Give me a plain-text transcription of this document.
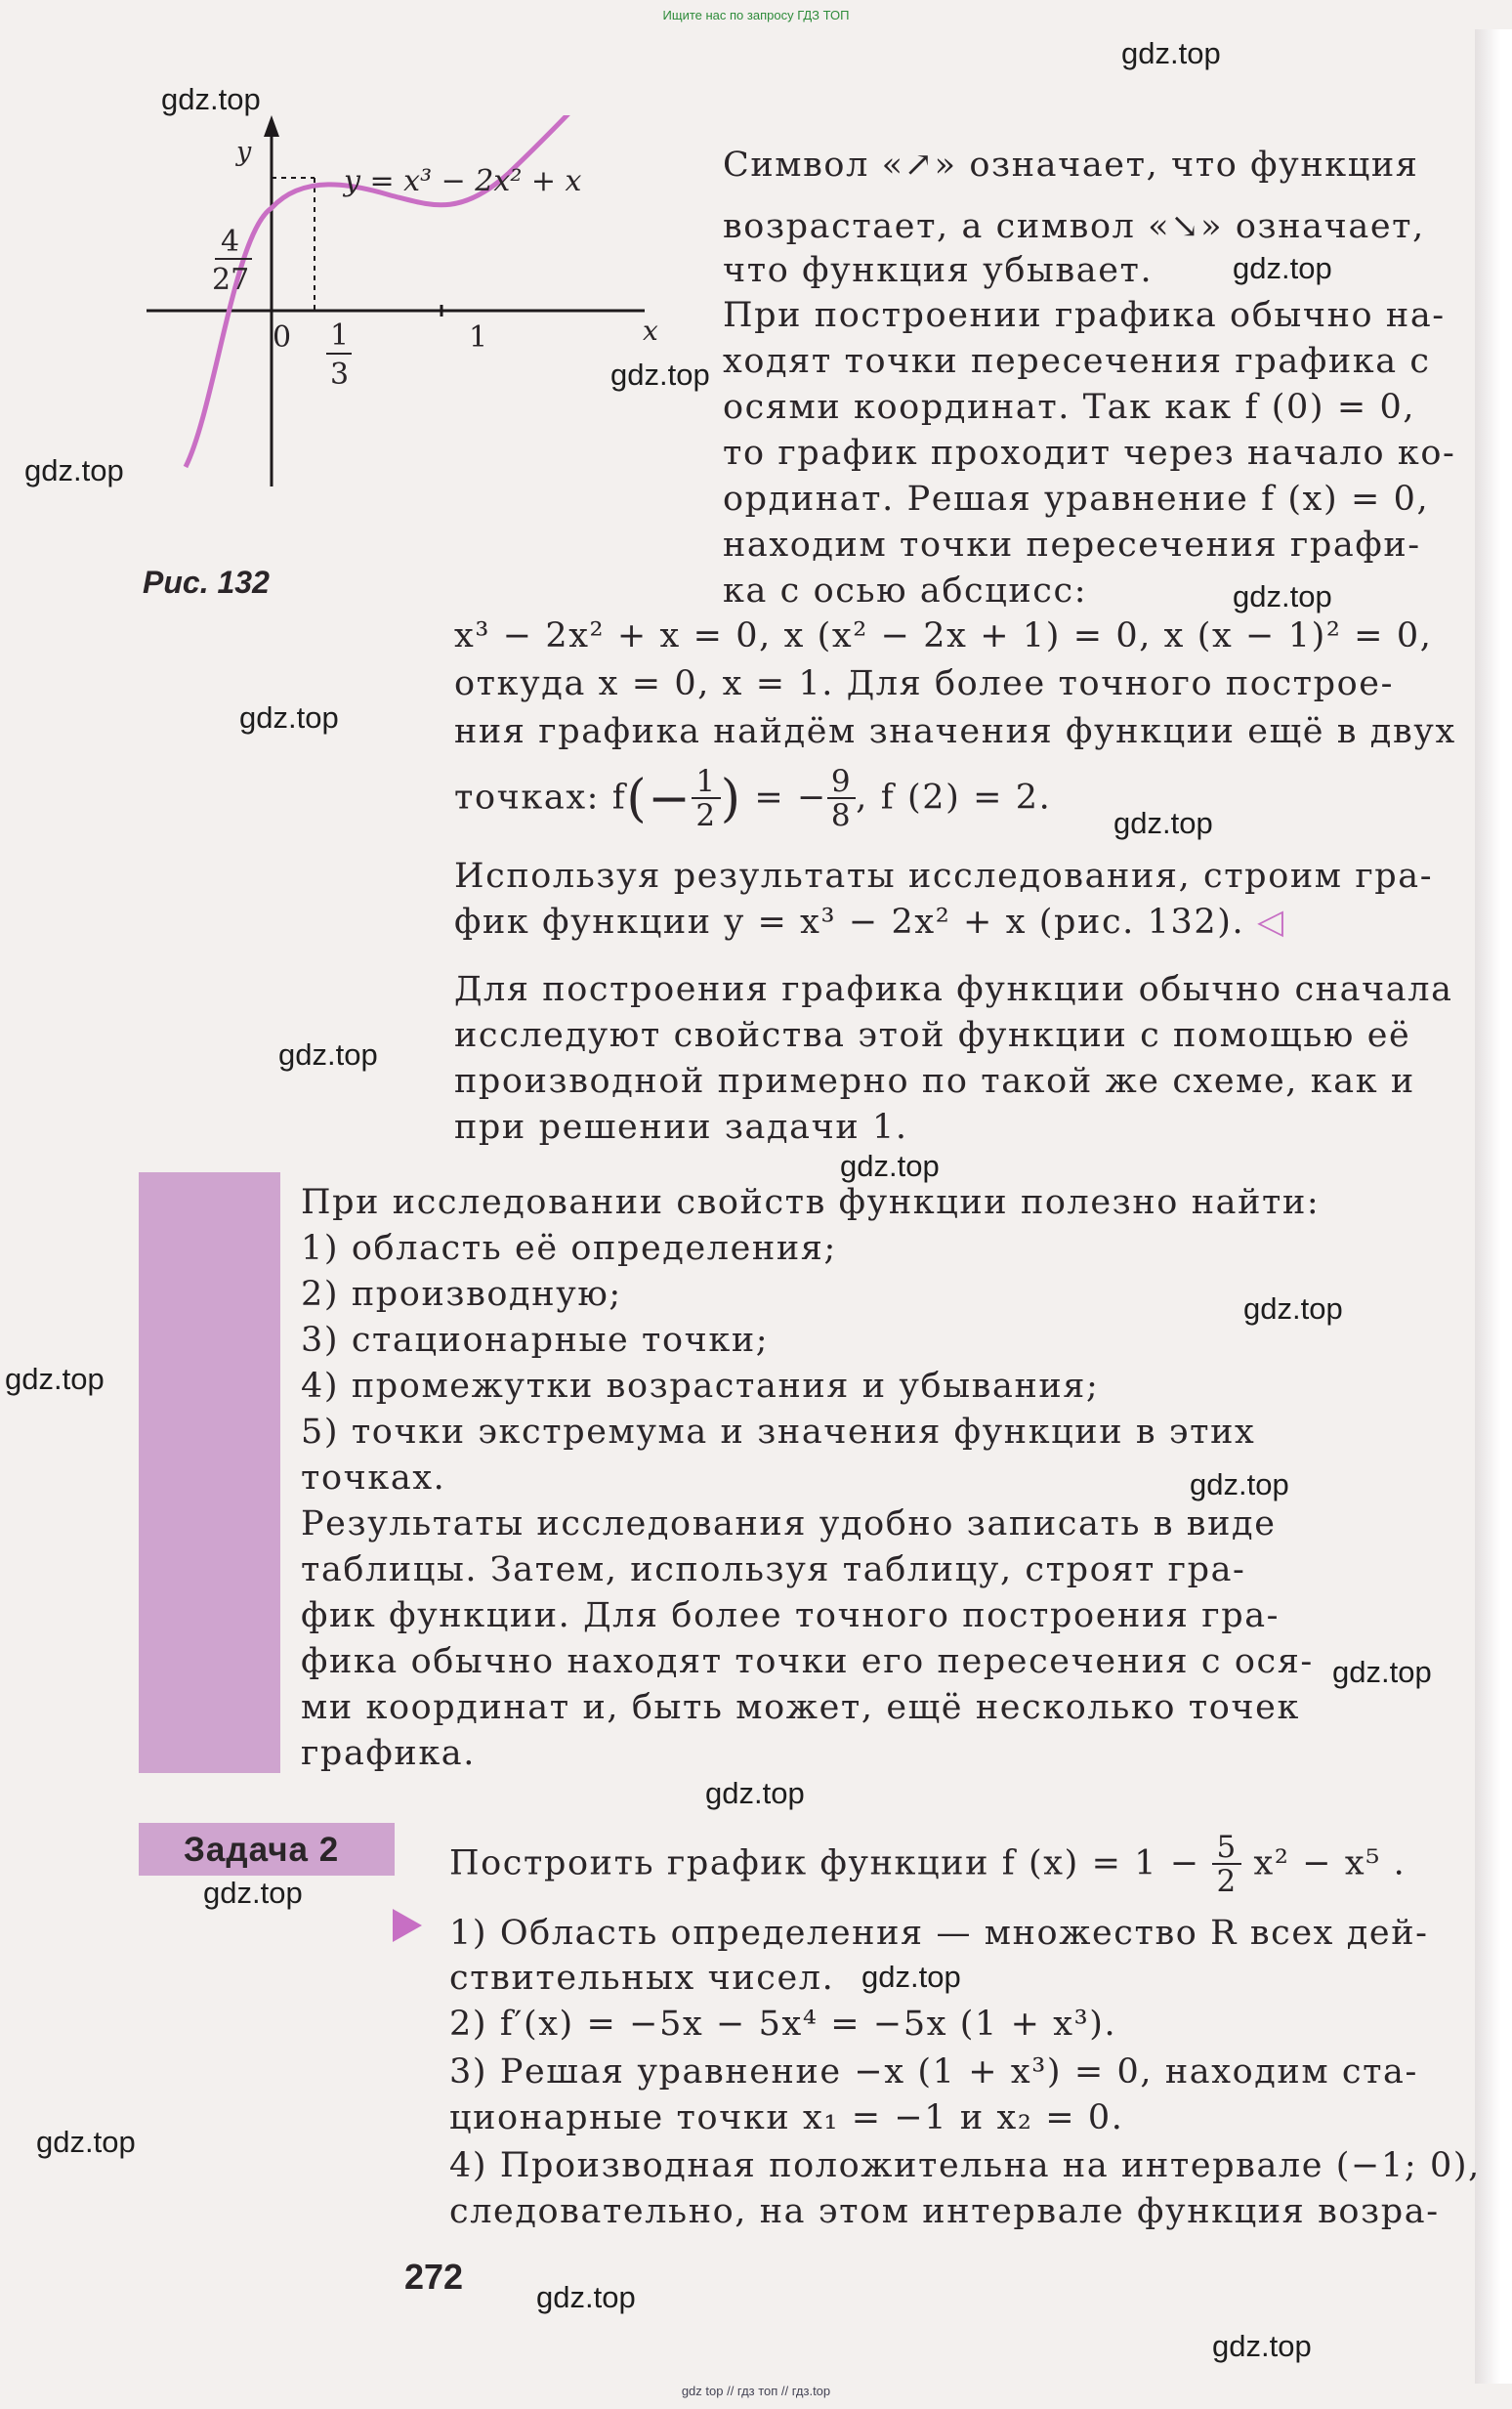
Ищите нас по запросу ГДЗ ТОП
y
x
y = x³ − 2x² + x
4
27
0 1
3
1
Рис. 132
Символ «↗» означает, что функция
возрастает, а символ «↘» означает,
что функция убывает.
При построении графика обычно на-
ходят точки пересечения графика с
осями координат. Так как f (0) = 0,
то график проходит через начало ко-
ординат. Решая уравнение f (x) = 0,
находим точки пересечения графи-
ка с осью абсцисс:
x³ − 2x² + x = 0, x (x² − 2x + 1) = 0, x (x − 1)² = 0,
откуда x = 0, x = 1. Для более точного построе-
ния графика найдём значения функции ещё в двух
точках: $f(- \frac{1}{2}$ ) = − $\frac{9}{8}$ , f (2) = 2.
Используя результаты исследования, строим гра-
фик функции y = x³ − 2x² + x (рис. 132). ◁
Для построения графика функции обычно сначала
исследуют свойства этой функции с помощью её
производной примерно по такой же схеме, как и
при решении задачи 1.
При исследовании свойств функции полезно найти:
1) область её определения;
2) производную;
3) стационарные точки;
4) промежутки возрастания и убывания;
5) точки экстремума и значения функции в этих
точках.
Результаты исследования удобно записать в виде
таблицы. Затем, используя таблицу, строят гра-
фик функции. Для более точного построения гра-
фика обычно находят точки его пересечения с ося-
ми координат и, быть может, ещё несколько точек
графика.
Задача 2	Построить график функции f $(x) = 1 - \frac{5}{2} x^2 - x^5$ .
1) Область определения — множество R всех дей-
ствительных чисел.
2) f′(x) = −5x − 5x⁴ = −5x (1 + x³).
3) Решая уравнение −x (1 + x³) = 0, находим ста-
ционарные точки x₁ = −1 и x₂ = 0.
4) Производная положительна на интервале (−1; 0),
следовательно, на этом интервале функция возра-
272
gdz.top
gdz.top
gdz.top
gdz.top
gdz.top
gdz.top
gdz.top
gdz.top
gdz.top
gdz.top
gdz.top
gdz.top
gdz.top
gdz.top
gdz.top
gdz.top
gdz.top
gdz.top
gdz.top
gdz.top
gdz top // гдз топ // гдз.top
